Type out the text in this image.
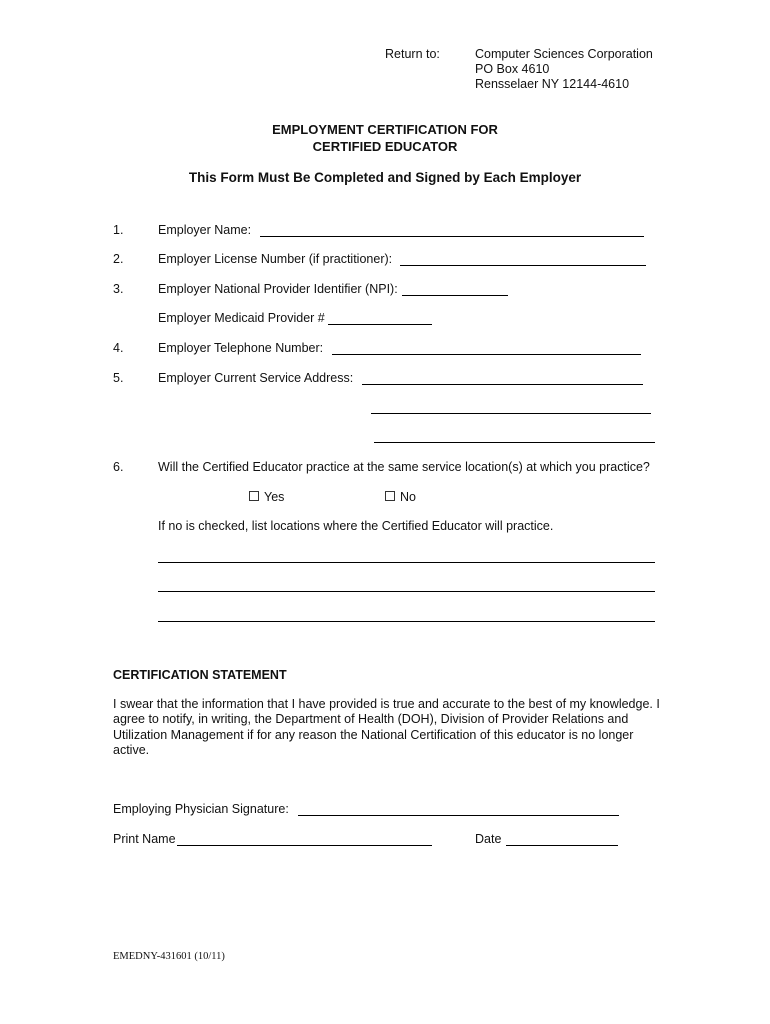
Return to:	Computer Sciences Corporation
PO Box 4610
Rensselaer NY 12144-4610
EMPLOYMENT CERTIFICATION FOR
CERTIFIED EDUCATOR
This Form Must Be Completed and Signed by Each Employer
1.	Employer Name:
2.	Employer License Number (if practitioner):
3.	Employer National Provider Identifier (NPI):
Employer Medicaid Provider #
4.	Employer Telephone Number:
5.	Employer Current Service Address:
6.	Will the Certified Educator practice at the same service location(s) at which you practice?
Yes	No
If no is checked, list locations where the Certified Educator will practice.
CERTIFICATION STATEMENT
I swear that the information that I have provided is true and accurate to the best of my knowledge. I agree to notify, in writing, the Department of Health (DOH), Division of Provider Relations and Utilization Management if for any reason the National Certification of this educator is no longer active.
Employing Physician Signature:
Print Name	Date
EMEDNY-431601 (10/11)
